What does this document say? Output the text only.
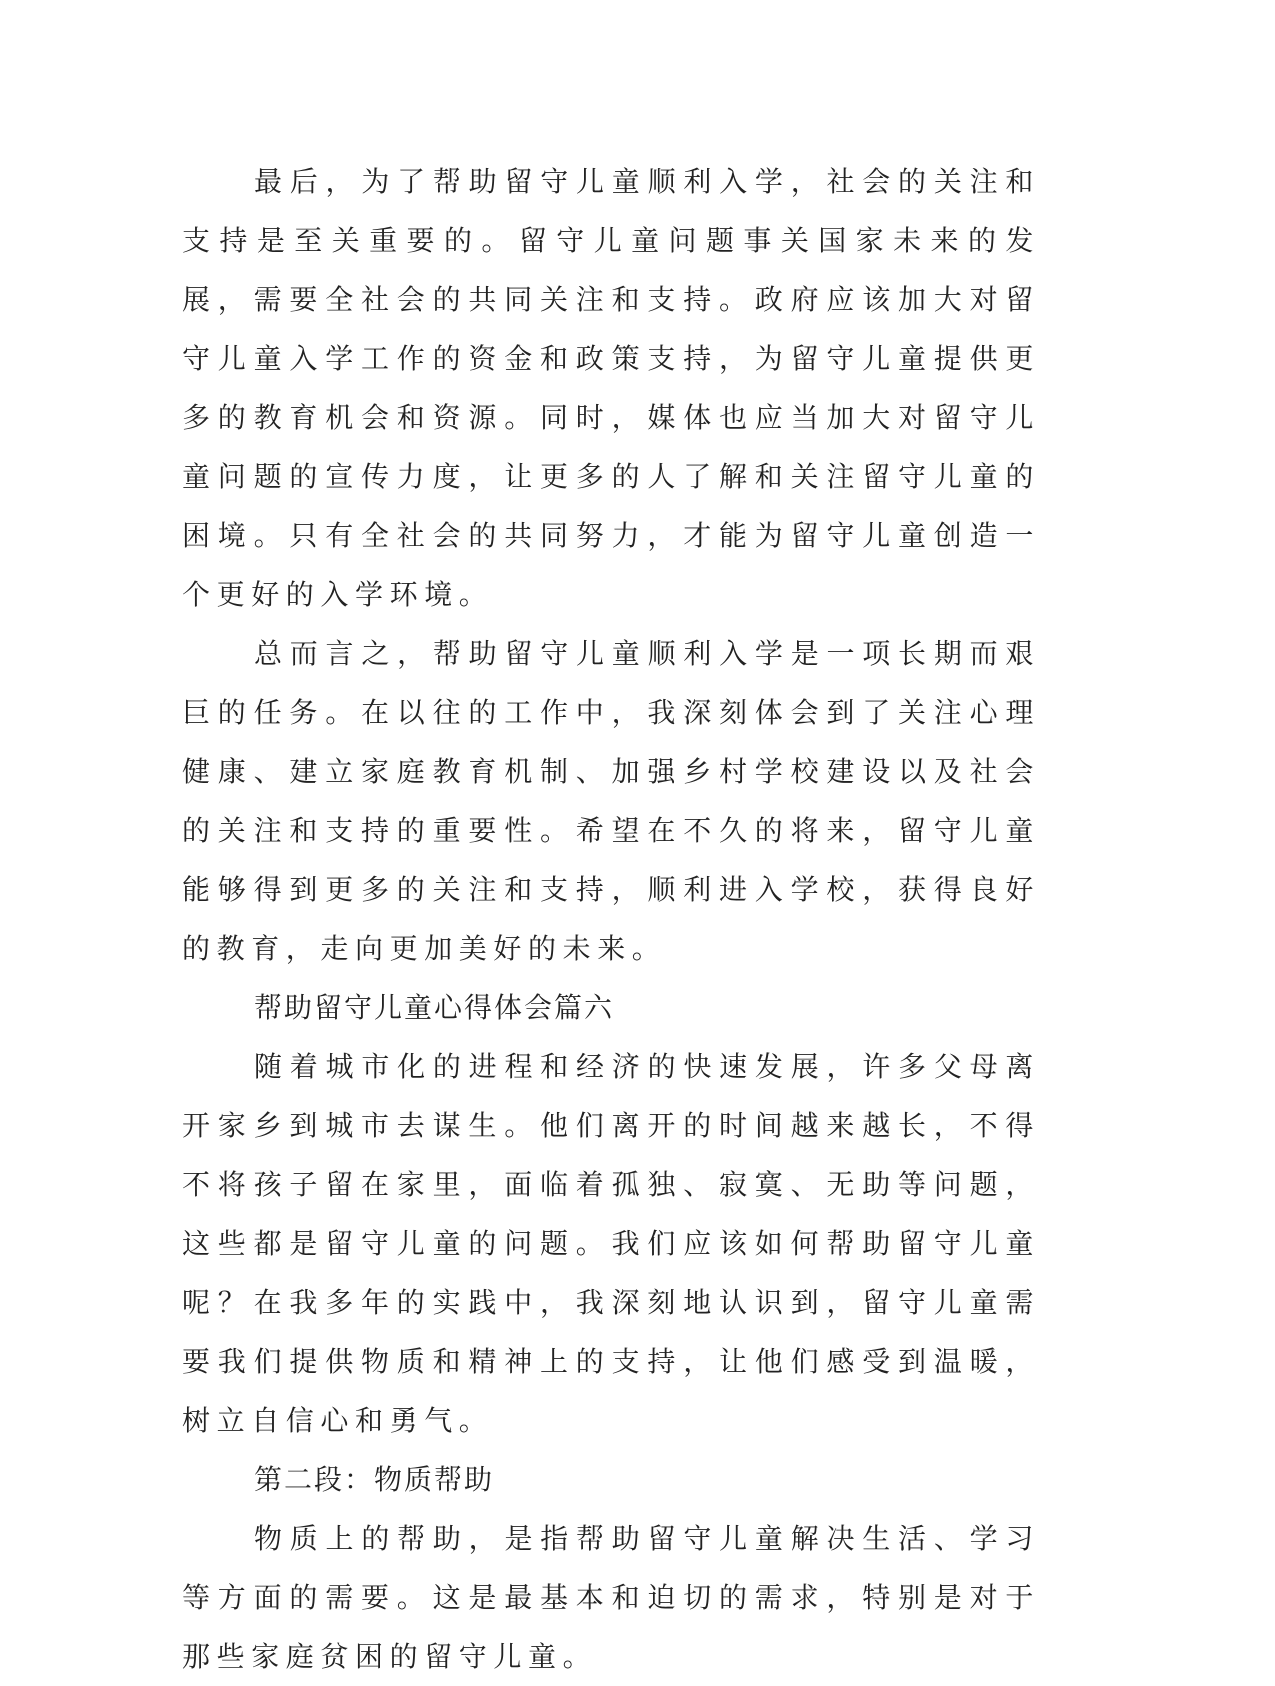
最后，为了帮助留守儿童顺利入学，社会的关注和支持是至关重要的。留守儿童问题事关国家未来的发展，需要全社会的共同关注和支持。政府应该加大对留守儿童入学工作的资金和政策支持，为留守儿童提供更多的教育机会和资源。同时，媒体也应当加大对留守儿童问题的宣传力度，让更多的人了解和关注留守儿童的困境。只有全社会的共同努力，才能为留守儿童创造一个更好的入学环境。

总而言之，帮助留守儿童顺利入学是一项长期而艰巨的任务。在以往的工作中，我深刻体会到了关注心理健康、建立家庭教育机制、加强乡村学校建设以及社会的关注和支持的重要性。希望在不久的将来，留守儿童能够得到更多的关注和支持，顺利进入学校，获得良好的教育，走向更加美好的未来。

帮助留守儿童心得体会篇六

随着城市化的进程和经济的快速发展，许多父母离开家乡到城市去谋生。他们离开的时间越来越长，不得不将孩子留在家里，面临着孤独、寂寞、无助等问题，这些都是留守儿童的问题。我们应该如何帮助留守儿童呢？在我多年的实践中，我深刻地认识到，留守儿童需要我们提供物质和精神上的支持，让他们感受到温暖，树立自信心和勇气。

第二段：物质帮助

物质上的帮助，是指帮助留守儿童解决生活、学习等方面的需要。这是最基本和迫切的需求，特别是对于那些家庭贫困的留守儿童。
